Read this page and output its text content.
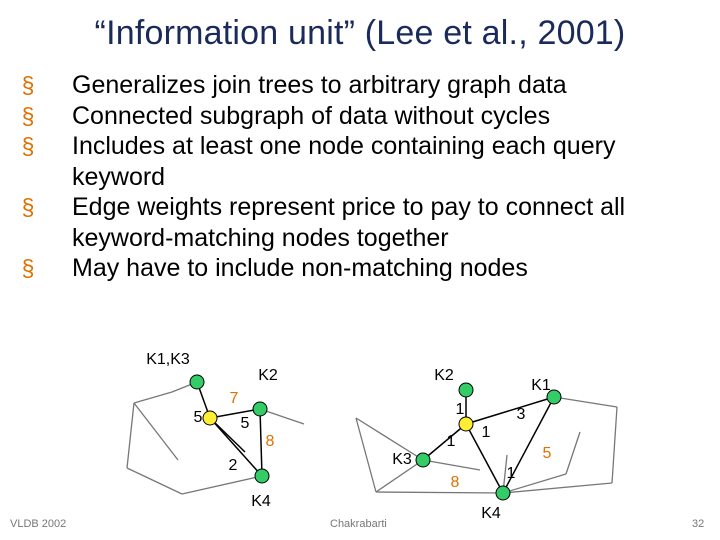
“Information unit” (Lee et al., 2001)
§ Generalizes join trees to arbitrary graph data
§ Connected subgraph of data without cycles
§ Includes at least one node containing each query keyword
§ Edge weights represent price to pay to connect all keyword-matching nodes together
§ May have to include non-matching nodes
K1,K3
K2
K4
7
5 5
8
2
K2
K1
K3
K4
1	3
1
1
8
5
1
VLDB 2002	Chakrabarti	32
